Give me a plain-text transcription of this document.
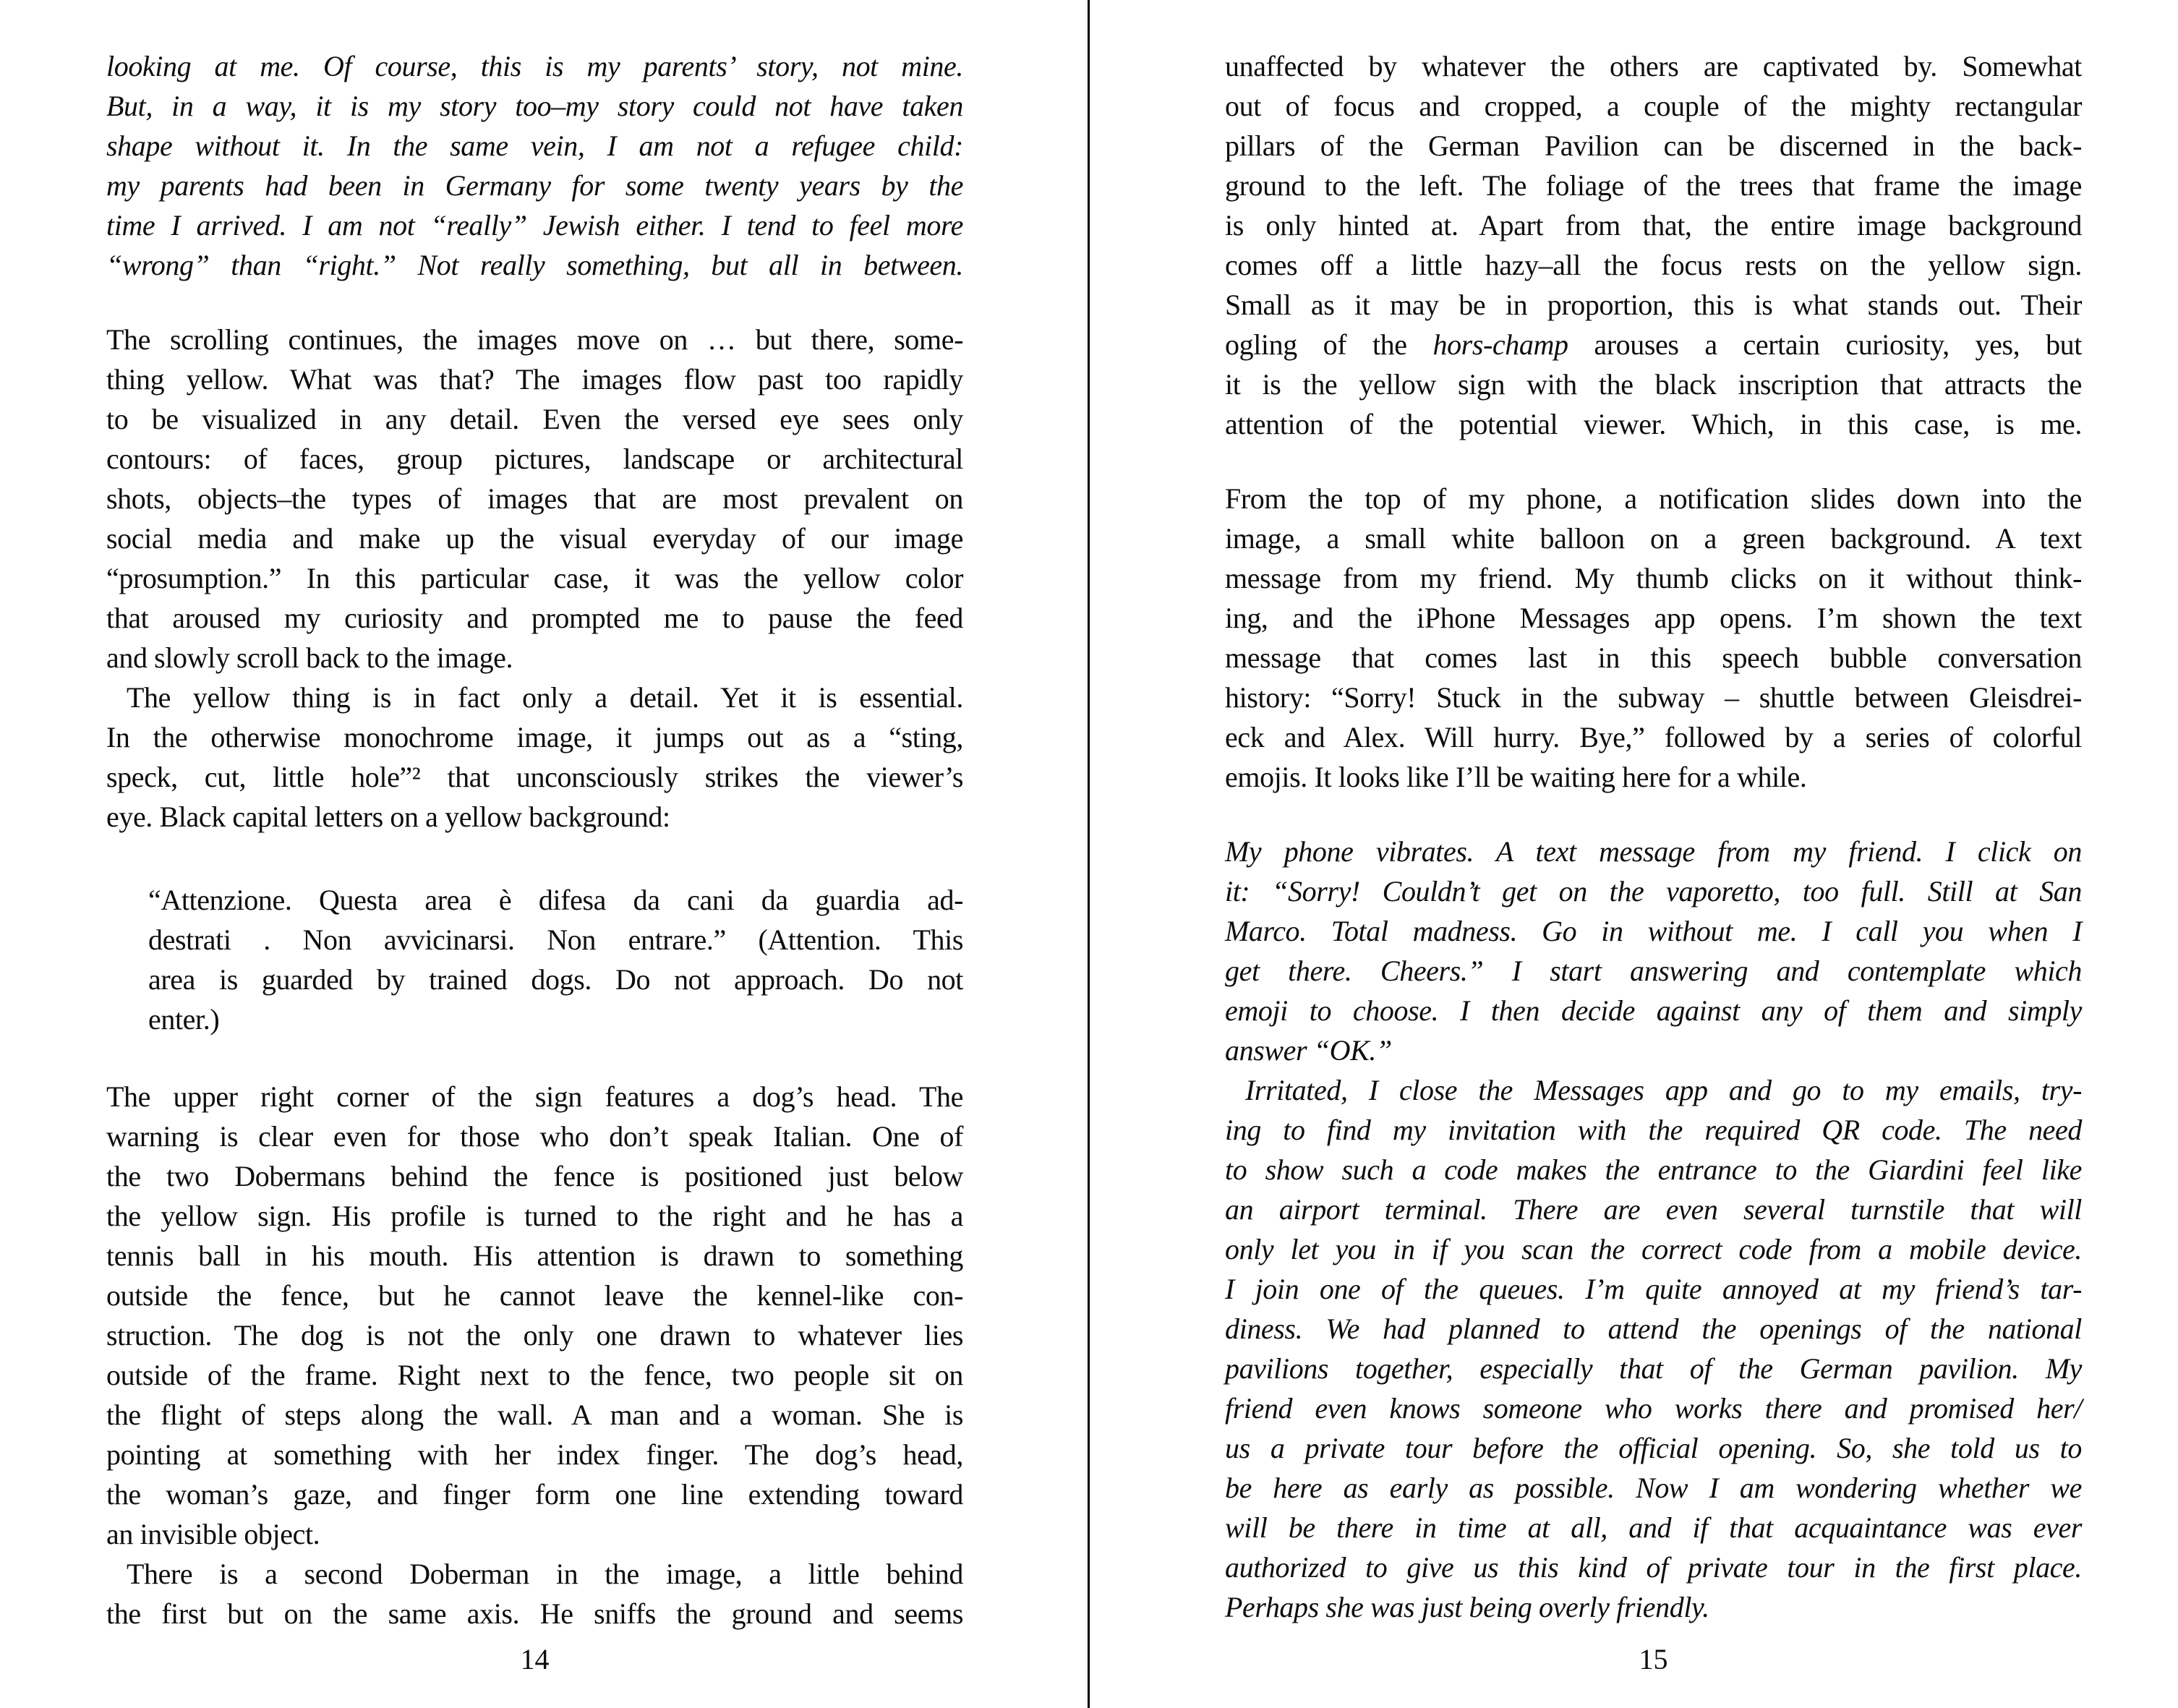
looking at me. Of course, this is my parents’ story, not mine.
But, in a way, it is my story too–my story could not have taken
shape without it. In the same vein, I am not a refugee child:
my parents had been in Germany for some twenty years by the
time I arrived. I am not “really” Jewish either. I tend to feel more
“wrong” than “right.” Not really something, but all in between.
The scrolling continues, the images move on … but there, some-
thing yellow. What was that? The images flow past too rapidly
to be visualized in any detail. Even the versed eye sees only
contours: of faces, group pictures, landscape or architectural
shots, objects–the types of images that are most prevalent on
social media and make up the visual everyday of our image
“prosumption.” In this particular case, it was the yellow color
that aroused my curiosity and prompted me to pause the feed
and slowly scroll back to the image.
The yellow thing is in fact only a detail. Yet it is essential.
In the otherwise monochrome image, it jumps out as a “sting,
speck, cut, little hole”² that unconsciously strikes the viewer’s
eye. Black capital letters on a yellow background:
“Attenzione. Questa area è difesa da cani da guardia ad-
destrati . Non avvicinarsi. Non entrare.” (Attention. This
area is guarded by trained dogs. Do not approach. Do not
enter.)
The upper right corner of the sign features a dog’s head. The
warning is clear even for those who don’t speak Italian. One of
the two Dobermans behind the fence is positioned just below
the yellow sign. His profile is turned to the right and he has a
tennis ball in his mouth. His attention is drawn to something
outside the fence, but he cannot leave the kennel-like con-
struction. The dog is not the only one drawn to whatever lies
outside of the frame. Right next to the fence, two people sit on
the flight of steps along the wall. A man and a woman. She is
pointing at something with her index finger. The dog’s head,
the woman’s gaze, and finger form one line extending toward
an invisible object.
There is a second Doberman in the image, a little behind
the first but on the same axis. He sniffs the ground and seems
14
unaffected by whatever the others are captivated by. Somewhat
out of focus and cropped, a couple of the mighty rectangular
pillars of the German Pavilion can be discerned in the back-
ground to the left. The foliage of the trees that frame the image
is only hinted at. Apart from that, the entire image background
comes off a little hazy–all the focus rests on the yellow sign.
Small as it may be in proportion, this is what stands out. Their
ogling of the hors-champ arouses a certain curiosity, yes, but
it is the yellow sign with the black inscription that attracts the
attention of the potential viewer. Which, in this case, is me.
From the top of my phone, a notification slides down into the
image, a small white balloon on a green background. A text
message from my friend. My thumb clicks on it without think-
ing, and the iPhone Messages app opens. I’m shown the text
message that comes last in this speech bubble conversation
history: “Sorry! Stuck in the subway – shuttle between Gleisdrei-
eck and Alex. Will hurry. Bye,” followed by a series of colorful
emojis. It looks like I’ll be waiting here for a while.
My phone vibrates. A text message from my friend. I click on
it: “Sorry! Couldn’t get on the vaporetto, too full. Still at San
Marco. Total madness. Go in without me. I call you when I
get there. Cheers.” I start answering and contemplate which
emoji to choose. I then decide against any of them and simply
answer “OK.”
Irritated, I close the Messages app and go to my emails, try-
ing to find my invitation with the required QR code. The need
to show such a code makes the entrance to the Giardini feel like
an airport terminal. There are even several turnstile that will
only let you in if you scan the correct code from a mobile device.
I join one of the queues. I’m quite annoyed at my friend’s tar-
diness. We had planned to attend the openings of the national
pavilions together, especially that of the German pavilion. My
friend even knows someone who works there and promised her/
us a private tour before the official opening. So, she told us to
be here as early as possible. Now I am wondering whether we
will be there in time at all, and if that acquaintance was ever
authorized to give us this kind of private tour in the first place.
Perhaps she was just being overly friendly.
15
